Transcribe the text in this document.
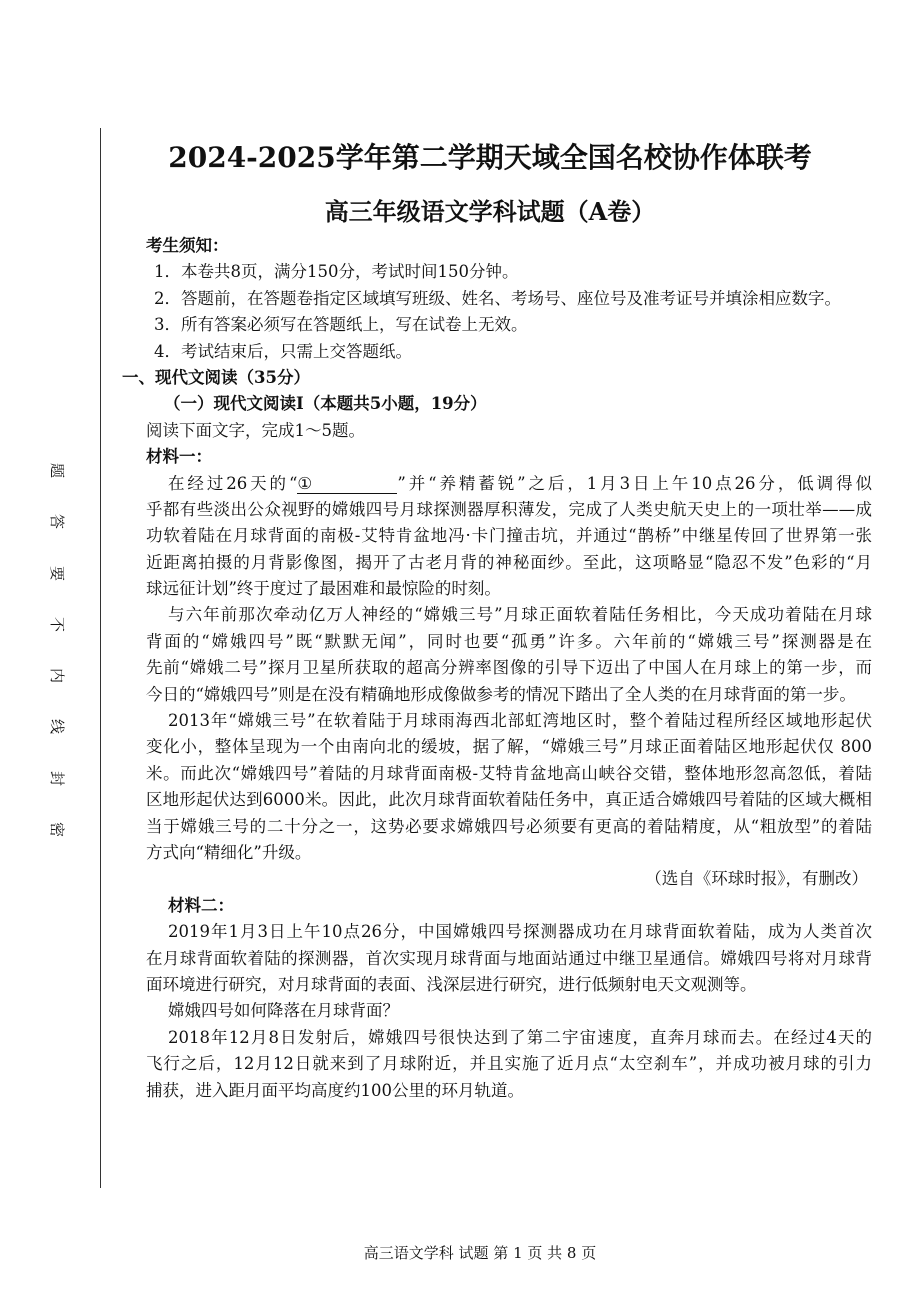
题
答
要
不
内
线
封
密
2024-2025学年第二学期天域全国名校协作体联考
高三年级语文学科试题（A卷）
考生须知：
1．本卷共8页，满分150分，考试时间150分钟。
2．答题前，在答题卷指定区域填写班级、姓名、考场号、座位号及准考证号并填涂相应数字。
3．所有答案必须写在答题纸上，写在试卷上无效。
4．考试结束后，只需上交答题纸。
一、现代文阅读（35分）
（一）现代文阅读Ⅰ（本题共5小题，19分）
阅读下面文字，完成1～5题。
材料一：
在经过26天的“①	”并“养精蓄锐”之后，1月3日上午10点26分，低调得似
乎都有些淡出公众视野的嫦娥四号月球探测器厚积薄发，完成了人类史航天史上的一项壮举——成
功软着陆在月球背面的南极-艾特肯盆地冯·卡门撞击坑，并通过“鹊桥”中继星传回了世界第一张
近距离拍摄的月背影像图，揭开了古老月背的神秘面纱。至此，这项略显“隐忍不发”色彩的“月
球远征计划”终于度过了最困难和最惊险的时刻。
与六年前那次牵动亿万人神经的“嫦娥三号”月球正面软着陆任务相比，今天成功着陆在月球
背面的“嫦娥四号”既“默默无闻”，同时也要“孤勇”许多。六年前的“嫦娥三号”探测器是在
先前“嫦娥二号”探月卫星所获取的超高分辨率图像的引导下迈出了中国人在月球上的第一步，而
今日的“嫦娥四号”则是在没有精确地形成像做参考的情况下踏出了全人类的在月球背面的第一步。
2013年“嫦娥三号”在软着陆于月球雨海西北部虹湾地区时，整个着陆过程所经区域地形起伏
变化小，整体呈现为一个由南向北的缓坡，据了解，“嫦娥三号”月球正面着陆区地形起伏仅 800
米。而此次“嫦娥四号”着陆的月球背面南极-艾特肯盆地高山峡谷交错，整体地形忽高忽低，着陆
区地形起伏达到6000米。因此，此次月球背面软着陆任务中，真正适合嫦娥四号着陆的区域大概相
当于嫦娥三号的二十分之一，这势必要求嫦娥四号必须要有更高的着陆精度，从“粗放型”的着陆
方式向“精细化”升级。
（选自《环球时报》，有删改）
材料二：
2019年1月3日上午10点26分，中国嫦娥四号探测器成功在月球背面软着陆，成为人类首次
在月球背面软着陆的探测器，首次实现月球背面与地面站通过中继卫星通信。嫦娥四号将对月球背
面环境进行研究，对月球背面的表面、浅深层进行研究，进行低频射电天文观测等。
嫦娥四号如何降落在月球背面？
2018年12月8日发射后，嫦娥四号很快达到了第二宇宙速度，直奔月球而去。在经过4天的
飞行之后，12月12日就来到了月球附近，并且实施了近月点“太空刹车”，并成功被月球的引力
捕获，进入距月面平均高度约100公里的环月轨道。
高三语文学科 试题 第 1 页 共 8 页
